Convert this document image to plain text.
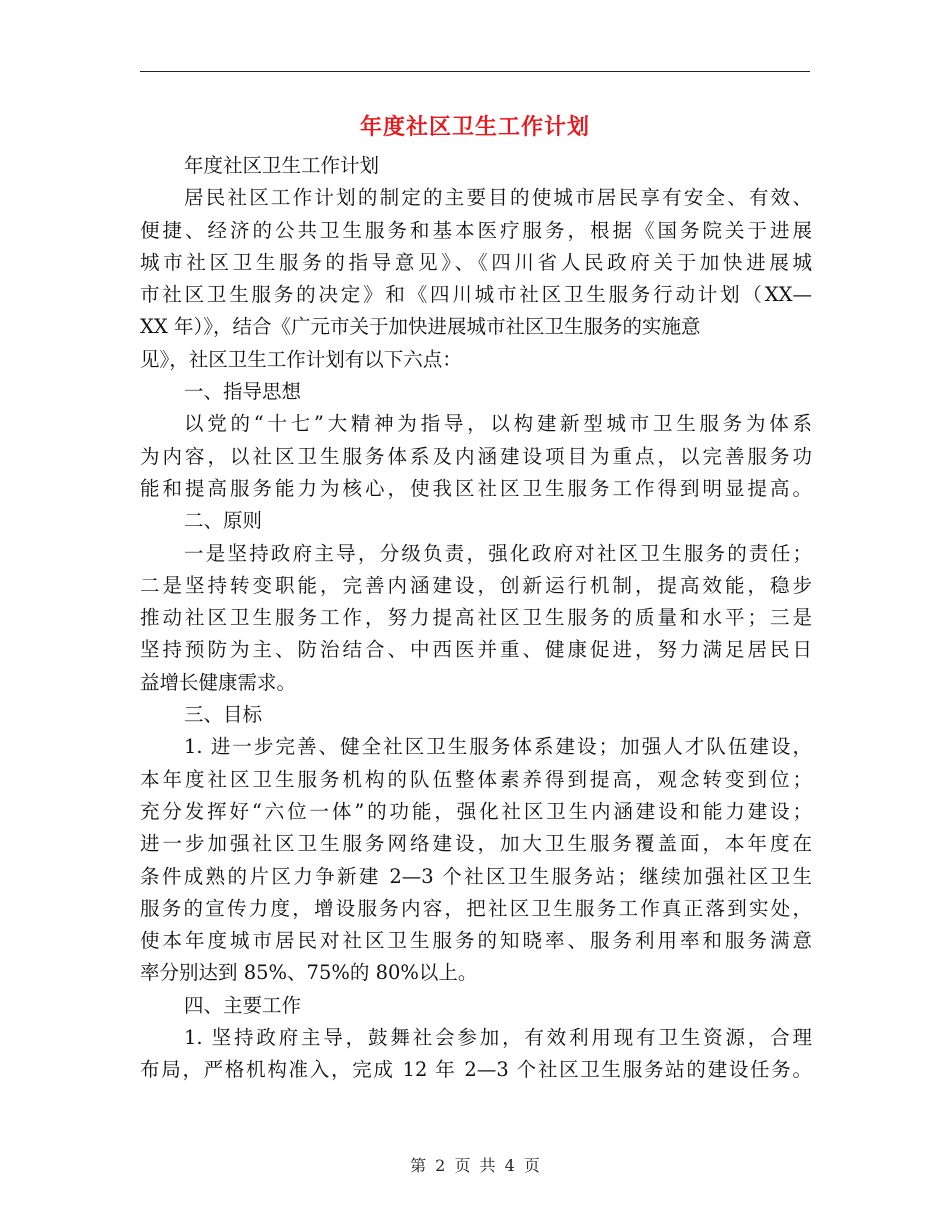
年度社区卫生工作计划
年度社区卫生工作计划
居民社区工作计划的制定的主要目的使城市居民享有安全、有效、
便捷、经济的公共卫生服务和基本医疗服务，根据《国务院关于进展
城市社区卫生服务的指导意见》、《四川省人民政府关于加快进展城
市社区卫生服务的决定》和《四川城市社区卫生服务行动计划（XX—
XX 年）》，结合《广元市关于加快进展城市社区卫生服务的实施意
见》，社区卫生工作计划有以下六点：
一、指导思想
以党的“十七”大精神为指导，以构建新型城市卫生服务为体系
为内容，以社区卫生服务体系及内涵建设项目为重点，以完善服务功
能和提高服务能力为核心，使我区社区卫生服务工作得到明显提高。
二、原则
一是坚持政府主导，分级负责，强化政府对社区卫生服务的责任；
二是坚持转变职能，完善内涵建设，创新运行机制，提高效能，稳步
推动社区卫生服务工作，努力提高社区卫生服务的质量和水平；三是
坚持预防为主、防治结合、中西医并重、健康促进，努力满足居民日
益增长健康需求。
三、目标
1. 进一步完善、健全社区卫生服务体系建设；加强人才队伍建设，
本年度社区卫生服务机构的队伍整体素养得到提高，观念转变到位；
充分发挥好“六位一体”的功能，强化社区卫生内涵建设和能力建设；
进一步加强社区卫生服务网络建设，加大卫生服务覆盖面，本年度在
条件成熟的片区力争新建 2—3 个社区卫生服务站；继续加强社区卫生
服务的宣传力度，增设服务内容，把社区卫生服务工作真正落到实处，
使本年度城市居民对社区卫生服务的知晓率、服务利用率和服务满意
率分别达到 85%、75%的 80%以上。
四、主要工作
1. 坚持政府主导，鼓舞社会参加，有效利用现有卫生资源，合理
布局，严格机构准入，完成 12 年 2—3 个社区卫生服务站的建设任务。
第 2 页 共 4 页
